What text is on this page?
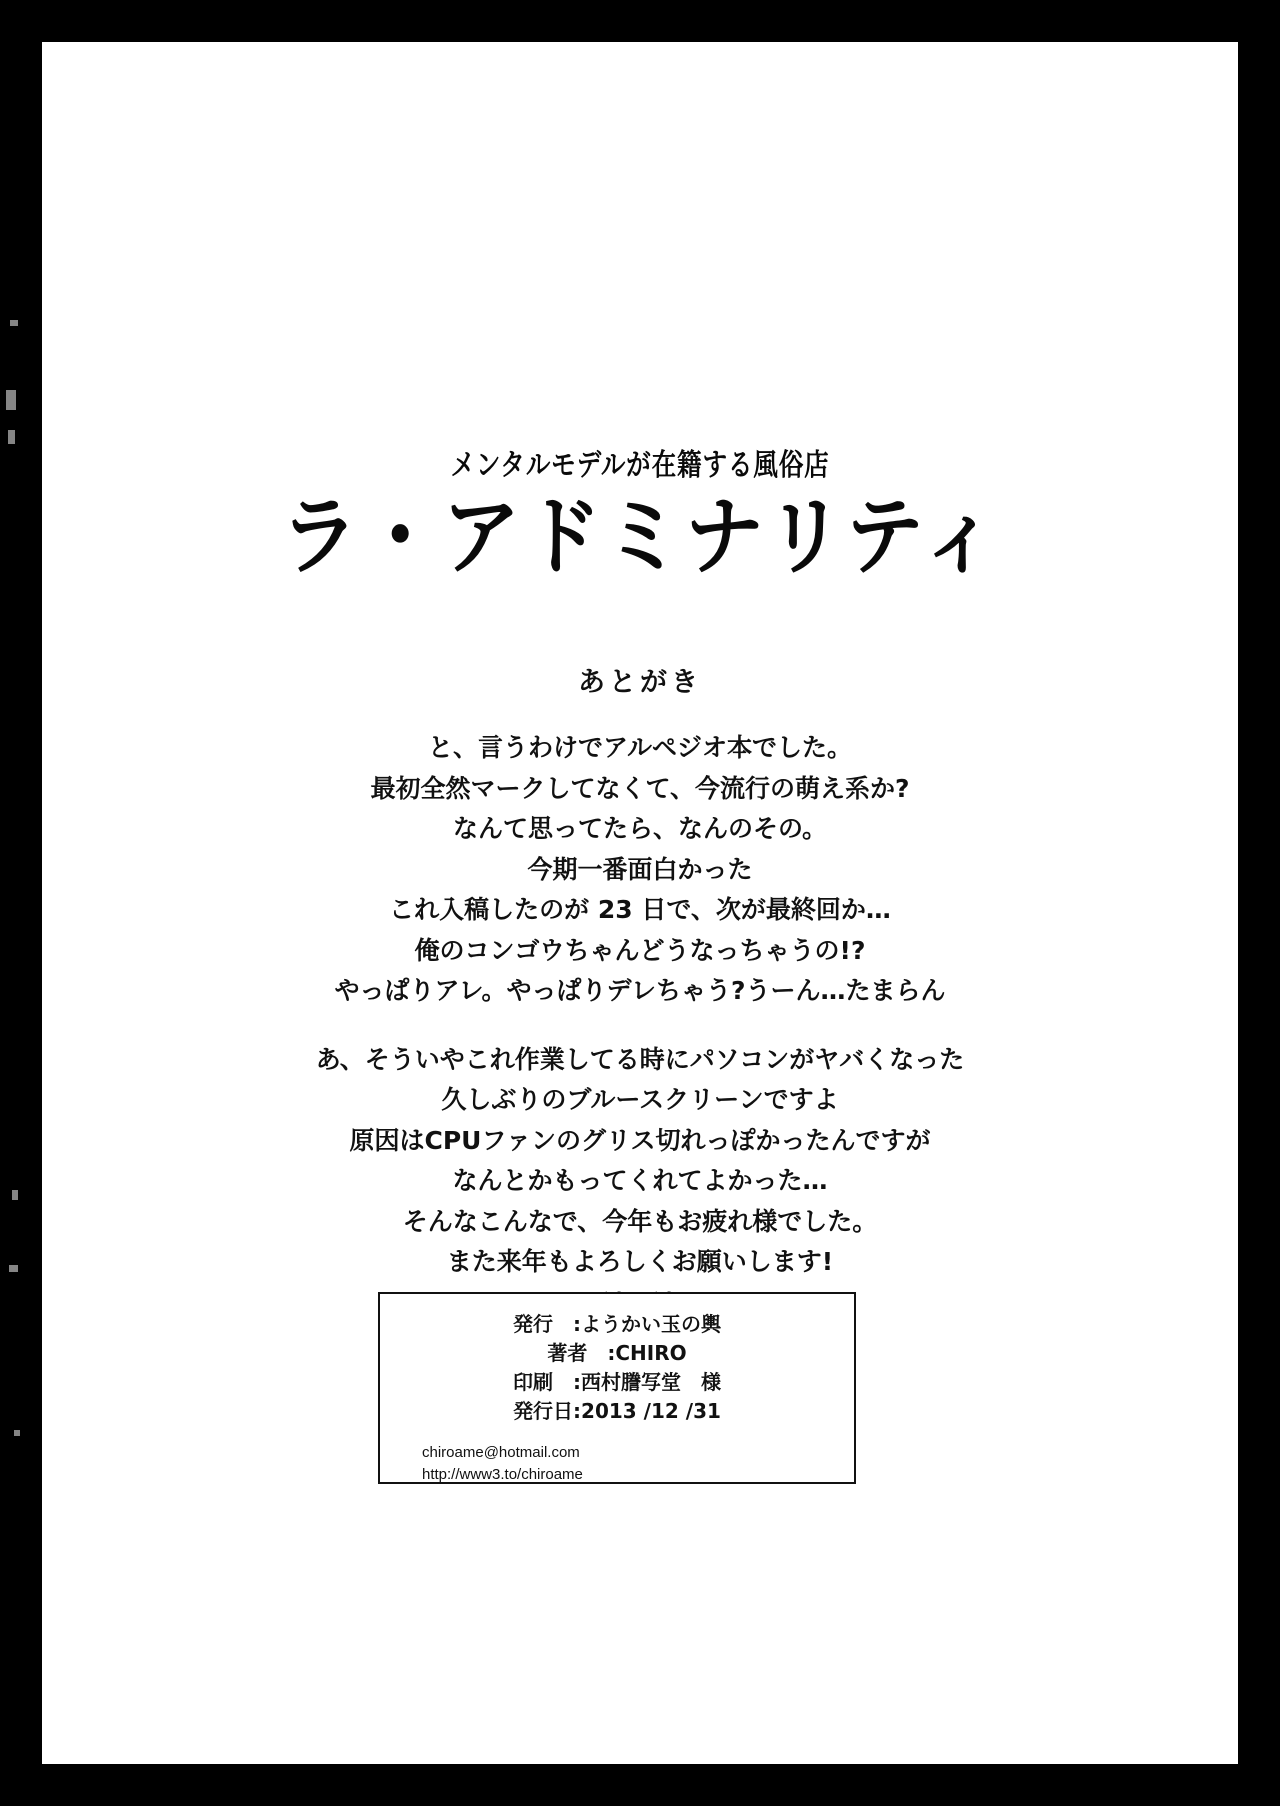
メンタルモデルが在籍する風俗店
ラ・アドミナリティ
あとがき

と、言うわけでアルペジオ本でした。

最初全然マークしてなくて、今流行の萌え系か?

なんて思ってたら、なんのその。

今期一番面白かった

これ入稿したのが 23 日で、次が最終回か…

俺のコンゴウちゃんどうなっちゃうの!?

やっぱりアレ。やっぱりデレちゃう?うーん…たまらん

あ、そういやこれ作業してる時にパソコンがヤバくなった

久しぶりのブルースクリーンですよ

原因はCPUファンのグリス切れっぽかったんですが

なんとかもってくれてよかった…

そんなこんなで、今年もお疲れ様でした。

また来年もよろしくお願いします!

発行　:ようかい玉の輿
著者　:CHIRO
印刷　:西村謄写堂　様
発行日:2013 /12 /31
chiroame@hotmail.com
http://www3.to/chiroame
